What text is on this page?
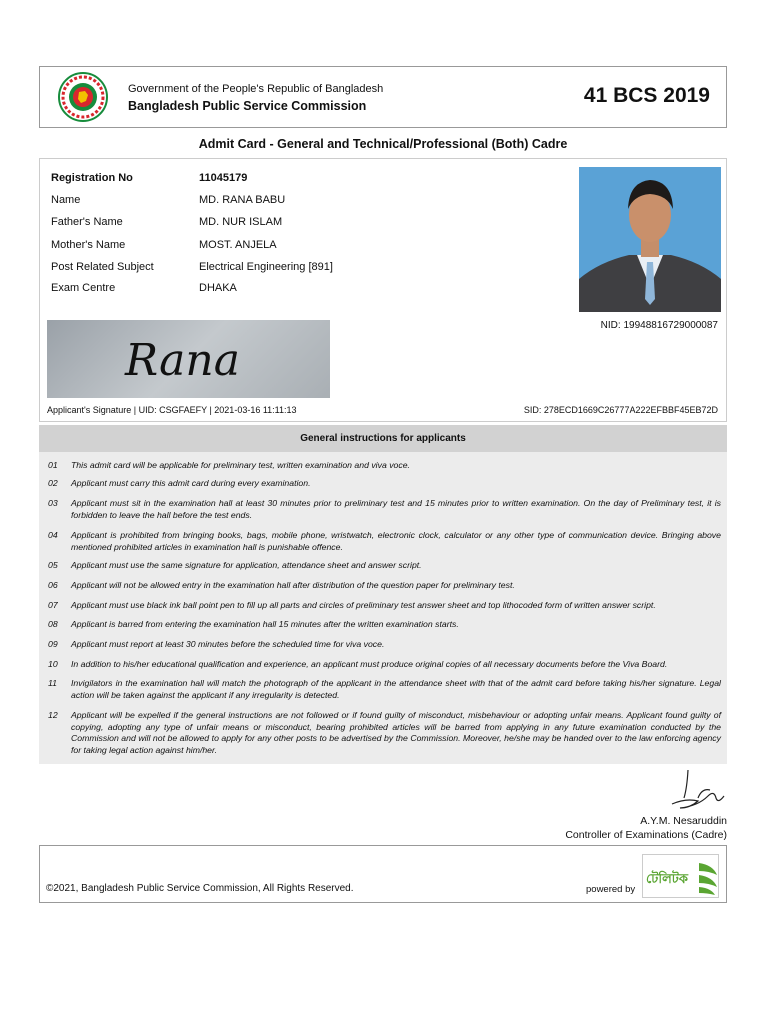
Government of the People's Republic of Bangladesh
Bangladesh Public Service Commission	41 BCS 2019
Admit Card - General and Technical/Professional (Both) Cadre
Registration No	11045179
Name	MD. RANA BABU
Father's Name	MD. NUR ISLAM
Mother's Name	MOST. ANJELA
Post Related Subject	Electrical Engineering [891]
Exam Centre	DHAKA
NID: 19948816729000087
Rana
Applicant's Signature | UID: CSGFAEFY | 2021-03-16 11:11:13	SID: 278ECD1669C26777A222EFBBF45EB72D
General instructions for applicants
01 This admit card will be applicable for preliminary test, written examination and viva voce.
02 Applicant must carry this admit card during every examination.
03 Applicant must sit in the examination hall at least 30 minutes prior to preliminary test and 15 minutes prior to written examination. On the day of Preliminary test, it is forbidden to leave the hall before the test ends.
04 Applicant is prohibited from bringing books, bags, mobile phone, wristwatch, electronic clock, calculator or any other type of communication device. Bringing above mentioned prohibited articles in examination hall is punishable offence.
05 Applicant must use the same signature for application, attendance sheet and answer script.
06 Applicant will not be allowed entry in the examination hall after distribution of the question paper for preliminary test.
07 Applicant must use black ink ball point pen to fill up all parts and circles of preliminary test answer sheet and top lithocoded form of written answer script.
08 Applicant is barred from entering the examination hall 15 minutes after the written examination starts.
09 Applicant must report at least 30 minutes before the scheduled time for viva voce.
10 In addition to his/her educational qualification and experience, an applicant must produce original copies of all necessary documents before the Viva Board.
11 Invigilators in the examination hall will match the photograph of the applicant in the attendance sheet with that of the admit card before taking his/her signature. Legal action will be taken against the applicant if any irregularity is detected.
12 Applicant will be expelled if the general instructions are not followed or if found guilty of misconduct, misbehaviour or adopting unfair means. Applicant found guilty of copying, adopting any type of unfair means or misconduct, bearing prohibited articles will be barred from applying in any future examination conducted by the Commission and will not be allowed to apply for any other posts to be advertised by the Commission. Moreover, he/she may be handed over to the law enforcing agency for taking legal action against him/her.
A.Y.M. Nesaruddin
Controller of Examinations (Cadre)
©2021, Bangladesh Public Service Commission, All Rights Reserved.	powered by
টেলিটক
